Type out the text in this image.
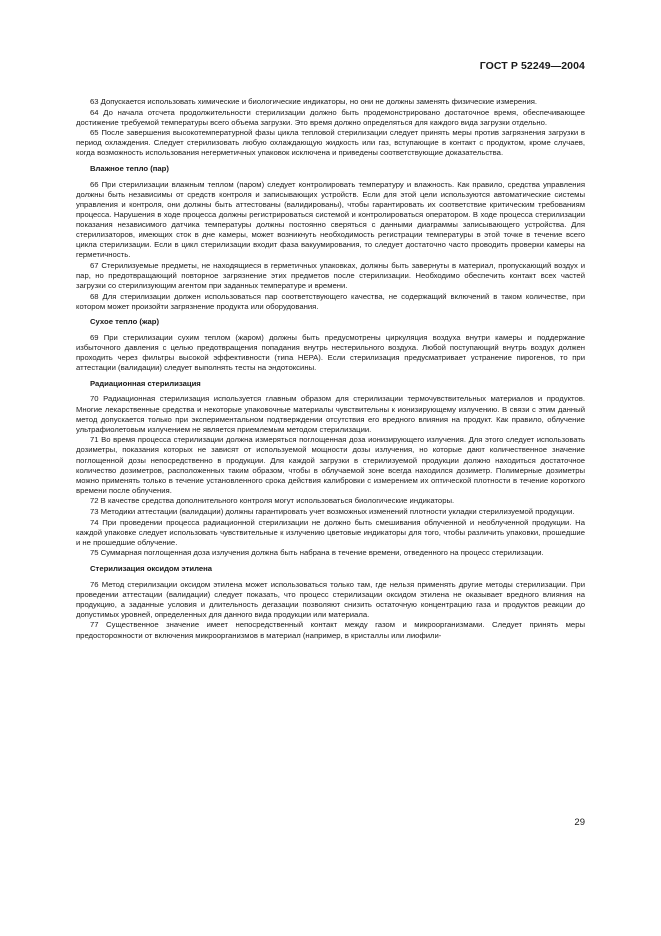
ГОСТ Р 52249—2004

63 Допускается использовать химические и биологические индикаторы, но они не должны заменять физические измерения.

64 До начала отсчета продолжительности стерилизации должно быть продемонстрировано достаточное время, обеспечивающее достижение требуемой температуры всего объема загрузки. Это время должно определяться для каждого вида загрузки отдельно.

65 После завершения высокотемпературной фазы цикла тепловой стерилизации следует принять меры против загрязнения загрузки в период охлаждения. Следует стерилизовать любую охлаждающую жидкость или газ, вступающие в контакт с продуктом, кроме случаев, когда возможность использования негерметичных упаковок исключена и приведены соответствующие доказательства.

Влажное тепло (пар)

66 При стерилизации влажным теплом (паром) следует контролировать температуру и влажность. Как правило, средства управления должны быть независимы от средств контроля и записывающих устройств. Если для этой цели используются автоматические системы управления и контроля, они должны быть аттестованы (валидированы), чтобы гарантировать их соответствие критическим требованиям процесса. Нарушения в ходе процесса должны регистрироваться системой и контролироваться оператором. В ходе процесса стерилизации показания независимого датчика температуры должны постоянно сверяться с данными диаграммы записывающего устройства. Для стерилизаторов, имеющих сток в дне камеры, может возникнуть необходимость регистрации температуры в этой точке в течение всего цикла стерилизации. Если в цикл стерилизации входит фаза вакуумирования, то следует достаточно часто проводить проверки камеры на герметичность.

67 Стерилизуемые предметы, не находящиеся в герметичных упаковках, должны быть завернуты в материал, пропускающий воздух и пар, но предотвращающий повторное загрязнение этих предметов после стерилизации. Необходимо обеспечить контакт всех частей загрузки со стерилизующим агентом при заданных температуре и времени.

68 Для стерилизации должен использоваться пар соответствующего качества, не содержащий включений в таком количестве, при котором может произойти загрязнение продукта или оборудования.

Сухое тепло (жар)

69 При стерилизации сухим теплом (жаром) должны быть предусмотрены циркуляция воздуха внутри камеры и поддержание избыточного давления с целью предотвращения попадания внутрь нестерильного воздуха. Любой поступающий внутрь воздух должен проходить через фильтры высокой эффективности (типа НЕРА). Если стерилизация предусматривает устранение пирогенов, то при аттестации (валидации) следует выполнять тесты на эндотоксины.

Радиационная стерилизация

70 Радиационная стерилизация используется главным образом для стерилизации термочувствительных материалов и продуктов. Многие лекарственные средства и некоторые упаковочные материалы чувствительны к ионизирующему излучению. В связи с этим данный метод допускается только при экспериментальном подтверждении отсутствия его вредного влияния на продукт. Как правило, облучение ультрафиолетовым излучением не является приемлемым методом стерилизации.

71 Во время процесса стерилизации должна измеряться поглощенная доза ионизирующего излучения. Для этого следует использовать дозиметры, показания которых не зависят от используемой мощности дозы излучения, но которые дают количественное значение поглощенной дозы непосредственно в продукции. Для каждой загрузки в стерилизуемой продукции должно находиться достаточное количество дозиметров, расположенных таким образом, чтобы в облучаемой зоне всегда находился дозиметр. Полимерные дозиметры можно применять только в течение установленного срока действия калибровки с измерением их оптической плотности в течение короткого времени после облучения.

72 В качестве средства дополнительного контроля могут использоваться биологические индикаторы.

73 Методики аттестации (валидации) должны гарантировать учет возможных изменений плотности укладки стерилизуемой продукции.

74 При проведении процесса радиационной стерилизации не должно быть смешивания облученной и необлученной продукции. На каждой упаковке следует использовать чувствительные к излучению цветовые индикаторы для того, чтобы различить упаковки, прошедшие и не прошедшие облучение.

75 Суммарная поглощенная доза излучения должна быть набрана в течение времени, отведенного на процесс стерилизации.

Стерилизация оксидом этилена

76 Метод стерилизации оксидом этилена может использоваться только там, где нельзя применять другие методы стерилизации. При проведении аттестации (валидации) следует показать, что процесс стерилизации оксидом этилена не оказывает вредного влияния на продукцию, а заданные условия и длительность дегазации позволяют снизить остаточную концентрацию газа и продуктов реакции до допустимых уровней, определенных для данного вида продукции или материала.

77 Существенное значение имеет непосредственный контакт между газом и микроорганизмами. Следует принять меры предосторожности от включения микроорганизмов в материал (например, в кристаллы или лиофили-

29
